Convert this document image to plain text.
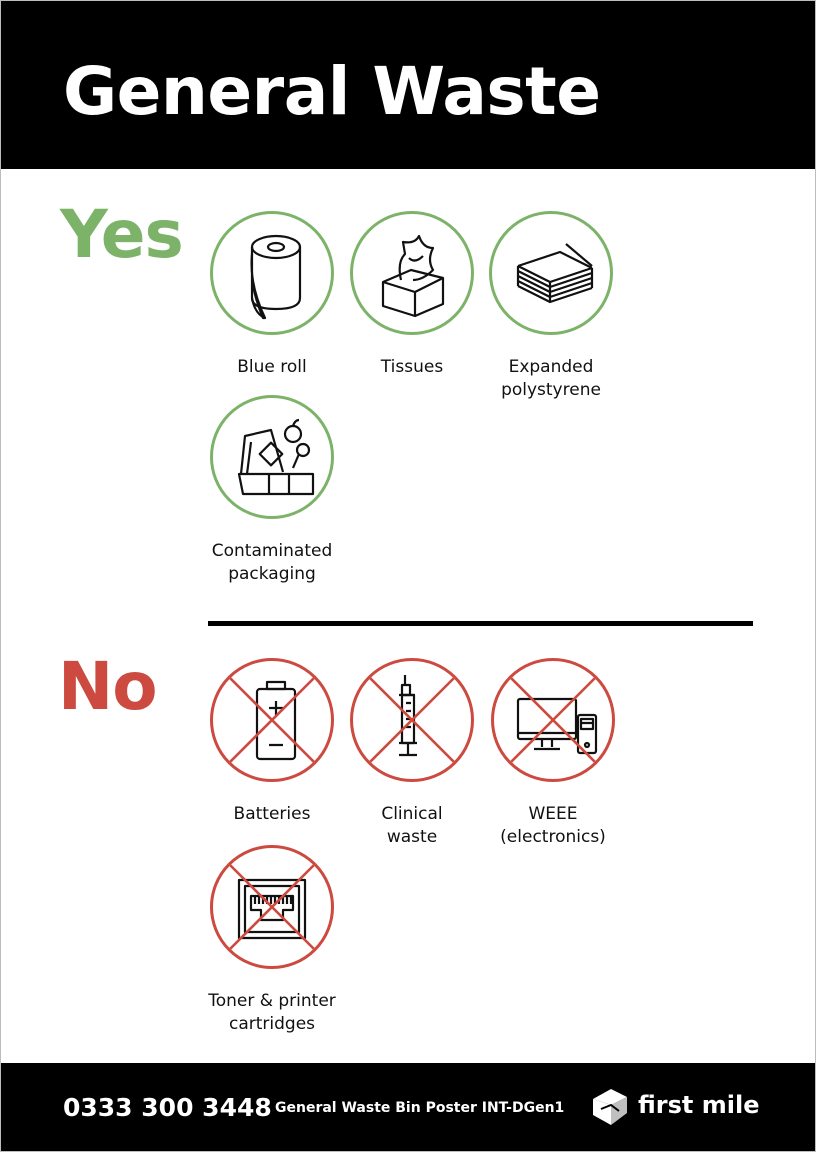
General Waste
Yes
Blue roll	Tissues	Expanded
polystyrene
Contaminated
packaging
No
Batteries	Clinical
waste
WEEE
(electronics)
Toner & printer
cartridges
0333 300 3448 General Waste Bin Poster INT-DGen1	first mile
